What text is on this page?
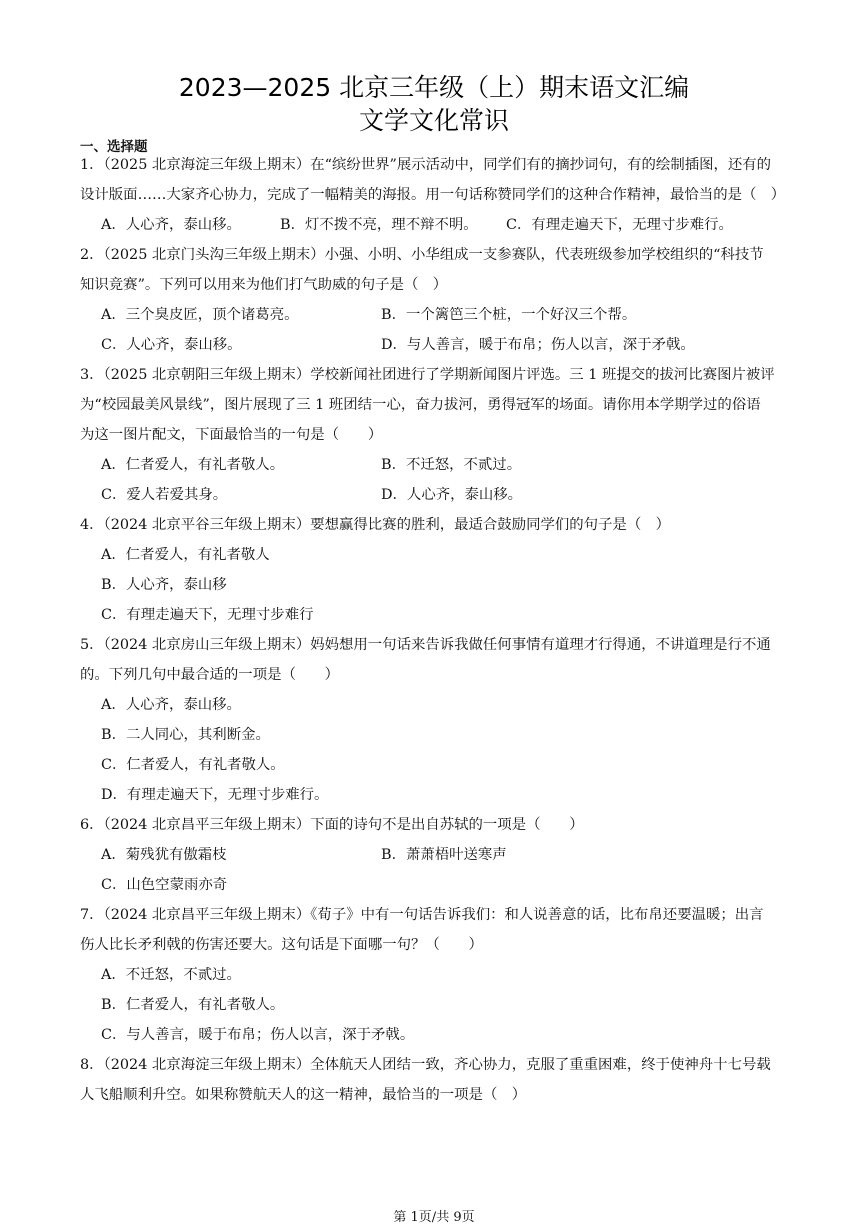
2023—2025 北京三年级（上）期末语文汇编
文学文化常识
一、选择题
1．（2025 北京海淀三年级上期末）在“缤纷世界”展示活动中，同学们有的摘抄词句，有的绘制插图，还有的
设计版面……大家齐心协力，完成了一幅精美的海报。用一句话称赞同学们的这种合作精神，最恰当的是（　）
A．人心齐，泰山移。	B．灯不拨不亮，理不辩不明。	C．有理走遍天下，无理寸步难行。
2．（2025 北京门头沟三年级上期末）小强、小明、小华组成一支参赛队，代表班级参加学校组织的“科技节
知识竞赛”。下列可以用来为他们打气助威的句子是（　）
A．三个臭皮匠，顶个诸葛亮。	B．一个篱笆三个桩，一个好汉三个帮。
C．人心齐，泰山移。	D．与人善言，暖于布帛；伤人以言，深于矛戟。
3．（2025 北京朝阳三年级上期末）学校新闻社团进行了学期新闻图片评选。三 1 班提交的拔河比赛图片被评
为“校园最美风景线”，图片展现了三 1 班团结一心，奋力拔河，勇得冠军的场面。请你用本学期学过的俗语
为这一图片配文，下面最恰当的一句是（　　）
A．仁者爱人，有礼者敬人。	B．不迁怒，不贰过。
C．爱人若爱其身。	D．人心齐，泰山移。
4．（2024 北京平谷三年级上期末）要想赢得比赛的胜利，最适合鼓励同学们的句子是（　）
A．仁者爱人，有礼者敬人
B．人心齐，泰山移
C．有理走遍天下，无理寸步难行
5．（2024 北京房山三年级上期末）妈妈想用一句话来告诉我做任何事情有道理才行得通，不讲道理是行不通
的。下列几句中最合适的一项是（　　）
A．人心齐，泰山移。
B．二人同心，其利断金。
C．仁者爱人，有礼者敬人。
D．有理走遍天下，无理寸步难行。
6．（2024 北京昌平三年级上期末）下面的诗句不是出自苏轼的一项是（　　）
A．菊残犹有傲霜枝	B．萧萧梧叶送寒声
C．山色空蒙雨亦奇
7．（2024 北京昌平三年级上期末）《荀子》中有一句话告诉我们：和人说善意的话，比布帛还要温暖；出言
伤人比长矛利戟的伤害还要大。这句话是下面哪一句？（　　）
A．不迁怒，不贰过。
B．仁者爱人，有礼者敬人。
C．与人善言，暖于布帛；伤人以言，深于矛戟。
8．（2024 北京海淀三年级上期末）全体航天人团结一致，齐心协力，克服了重重困难，终于使神舟十七号载
人飞船顺利升空。如果称赞航天人的这一精神，最恰当的一项是（　）
第 1页/共 9页
